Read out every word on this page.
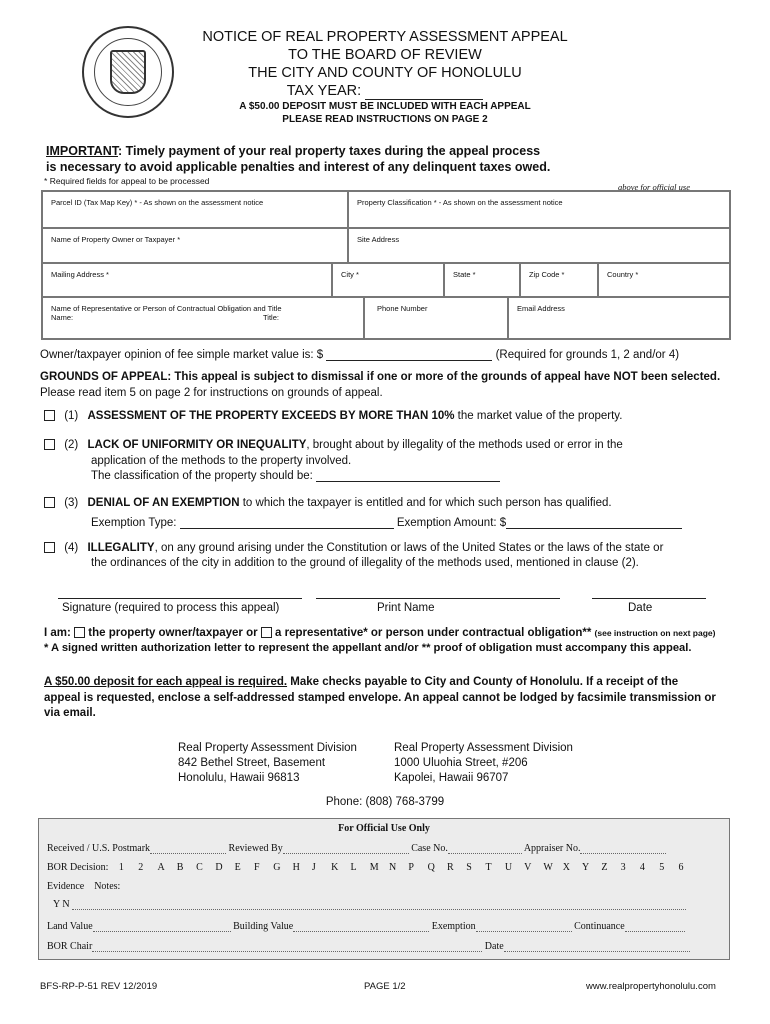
NOTICE OF REAL PROPERTY ASSESSMENT APPEAL
TO THE BOARD OF REVIEW
THE CITY AND COUNTY OF HONOLULU
TAX YEAR:
A $50.00 DEPOSIT MUST BE INCLUDED WITH EACH APPEAL
PLEASE READ INSTRUCTIONS ON PAGE 2
IMPORTANT: Timely payment of your real property taxes during the appeal process
is necessary to avoid applicable penalties and interest of any delinquent taxes owed.
* Required fields for appeal to be processed
above for official use
Parcel ID (Tax Map Key) * - As shown on the assessment notice	Property Classification * - As shown on the assessment notice
Name of Property Owner or Taxpayer *	Site Address
Mailing Address *	City *	State *	Zip Code *	Country *
Name of Representative or Person of Contractual Obligation and Title
Name:	Title:
Phone Number	Email Address
Owner/taxpayer opinion of fee simple market value is: $	(Required for grounds 1, 2 and/or 4)
GROUNDS OF APPEAL: This appeal is subject to dismissal if one or more of the grounds of appeal have NOT been selected.
Please read item 5 on page 2 for instructions on grounds of appeal.
(1) ASSESSMENT OF THE PROPERTY EXCEEDS BY MORE THAN 10% the market value of the property.
(2) LACK OF UNIFORMITY OR INEQUALITY, brought about by illegality of the methods used or error in the
application of the methods to the property involved.
The classification of the property should be:
(3) DENIAL OF AN EXEMPTION to which the taxpayer is entitled and for which such person has qualified.
Exemption Type:	Exemption Amount: $
(4) ILLEGALITY, on any ground arising under the Constitution or laws of the United States or the laws of the state or
the ordinances of the city in addition to the ground of illegality of the methods used, mentioned in clause (2).
Signature (required to process this appeal)	Print Name	Date
I am: the property owner/taxpayer or a representative* or person under contractual obligation** (see instruction on next page)
* A signed written authorization letter to represent the appellant and/or ** proof of obligation must accompany this appeal.
A $50.00 deposit for each appeal is required. Make checks payable to City and County of Honolulu. If a receipt of the
appeal is requested, enclose a self-addressed stamped envelope. An appeal cannot be lodged by facsimile transmission or
via email.
Real Property Assessment Division
842 Bethel Street, Basement
Honolulu, Hawaii 96813
Real Property Assessment Division
1000 Uluohia Street, #206
Kapolei, Hawaii 96707
Phone: (808) 768-3799
For Official Use Only
Received / U.S. Postmark	Reviewed By	Case No.	Appraiser No.
BOR Decision: 1 2 A B C D E F G H J K L M N P Q R S T U V W X Y Z 3 4 5 6
Evidence Notes:
Y N
Land Value	Building Value	Exemption	Continuance
BOR Chair	Date
BFS-RP-P-51 REV 12/2019	PAGE 1/2	www.realpropertyhonolulu.com
